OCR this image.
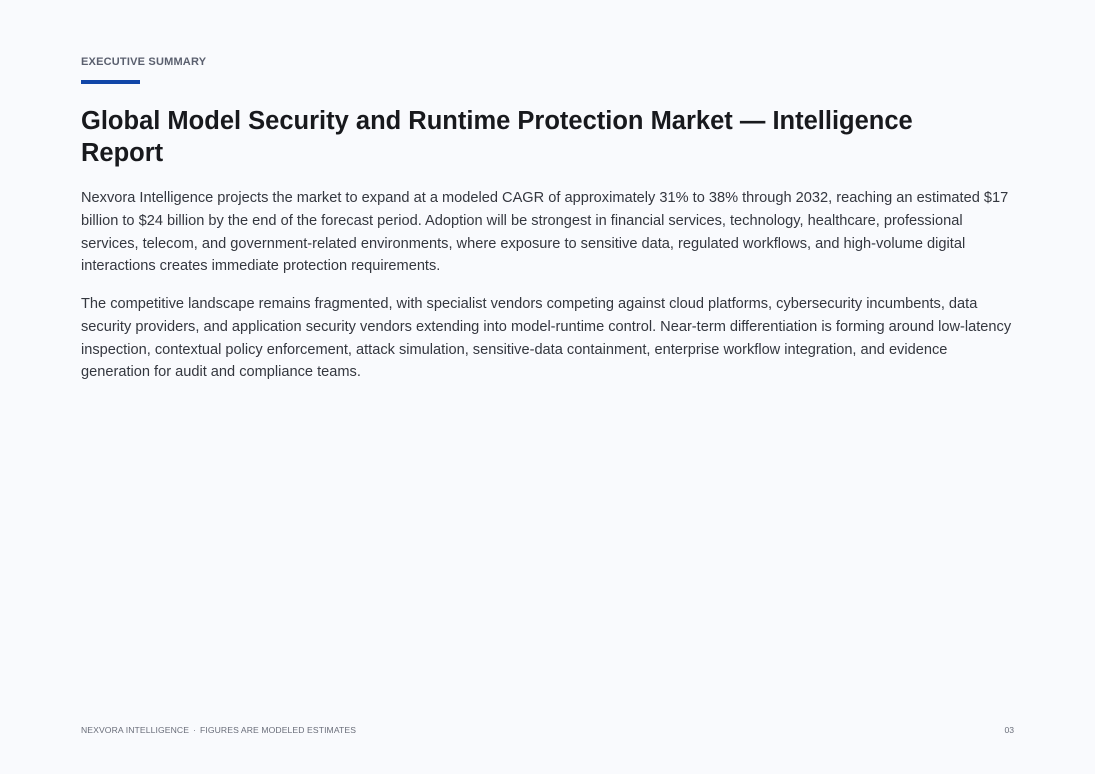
EXECUTIVE SUMMARY
Global Model Security and Runtime Protection Market — Intelligence Report

Nexvora Intelligence projects the market to expand at a modeled CAGR of approximately 31% to 38% through 2032, reaching an estimated $17 billion to $24 billion by the end of the forecast period. Adoption will be strongest in financial services, technology, healthcare, professional services, telecom, and government-related environments, where exposure to sensitive data, regulated workflows, and high-volume digital interactions creates immediate protection requirements.

The competitive landscape remains fragmented, with specialist vendors competing against cloud platforms, cybersecurity incumbents, data security providers, and application security vendors extending into model-runtime control. Near-term differentiation is forming around low-latency inspection, contextual policy enforcement, attack simulation, sensitive-data containment, enterprise workflow integration, and evidence generation for audit and compliance teams.

NEXVORA INTELLIGENCE · FIGURES ARE MODELED ESTIMATES	03
